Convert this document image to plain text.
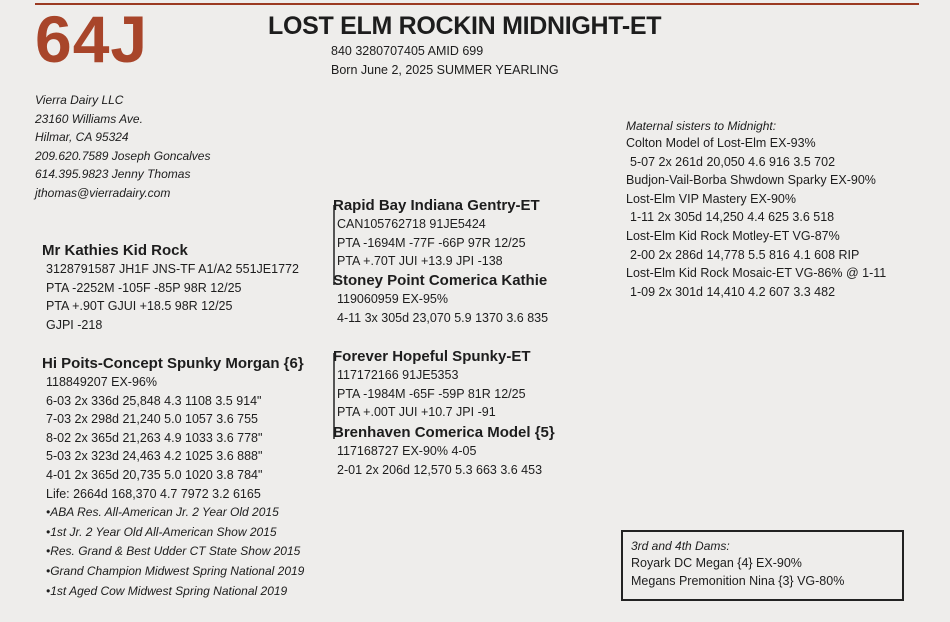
64J	LOST ELM ROCKIN MIDNIGHT-ET
840 3280707405 AMID 699
Born June 2, 2025 SUMMER YEARLING
Vierra Dairy LLC
23160 Williams Ave.
Hilmar, CA 95324
209.620.7589 Joseph Goncalves
614.395.9823 Jenny Thomas
jthomas@vierradairy.com
Mr Kathies Kid Rock
3128791587 JH1F JNS-TF A1/A2 551JE1772
PTA -2252M -105F -85P 98R 12/25
PTA +.90T GJUI +18.5 98R 12/25
GJPI -218
Hi Poits-Concept Spunky Morgan {6}
118849207 EX-96%
6-03 2x 336d 25,848 4.3 1108 3.5 914"
7-03 2x 298d 21,240 5.0 1057 3.6 755
8-02 2x 365d 21,263 4.9 1033 3.6 778"
5-03 2x 323d 24,463 4.2 1025 3.6 888"
4-01 2x 365d 20,735 5.0 1020 3.8 784"
Life: 2664d 168,370 4.7 7972 3.2 6165
•ABA Res. All-American Jr. 2 Year Old 2015
•1st Jr. 2 Year Old All-American Show 2015
•Res. Grand & Best Udder CT State Show 2015
•Grand Champion Midwest Spring National 2019
•1st Aged Cow Midwest Spring National 2019
Rapid Bay Indiana Gentry-ET
CAN105762718 91JE5424
PTA -1694M -77F -66P 97R 12/25
PTA +.70T JUI +13.9 JPI -138
Stoney Point Comerica Kathie
119060959 EX-95%
4-11 3x 305d 23,070 5.9 1370 3.6 835
Forever Hopeful Spunky-ET
117172166 91JE5353
PTA -1984M -65F -59P 81R 12/25
PTA +.00T JUI +10.7 JPI -91
Brenhaven Comerica Model {5}
117168727 EX-90% 4-05
2-01 2x 206d 12,570 5.3 663 3.6 453
Maternal sisters to Midnight:
Colton Model of Lost-Elm EX-93%
5-07 2x 261d 20,050 4.6 916 3.5 702
Budjon-Vail-Borba Shwdown Sparky EX-90%
Lost-Elm VIP Mastery EX-90%
1-11 2x 305d 14,250 4.4 625 3.6 518
Lost-Elm Kid Rock Motley-ET VG-87%
2-00 2x 286d 14,778 5.5 816 4.1 608 RIP
Lost-Elm Kid Rock Mosaic-ET VG-86% @ 1-11
1-09 2x 301d 14,410 4.2 607 3.3 482
3rd and 4th Dams:
Royark DC Megan {4} EX-90%
Megans Premonition Nina {3} VG-80%
